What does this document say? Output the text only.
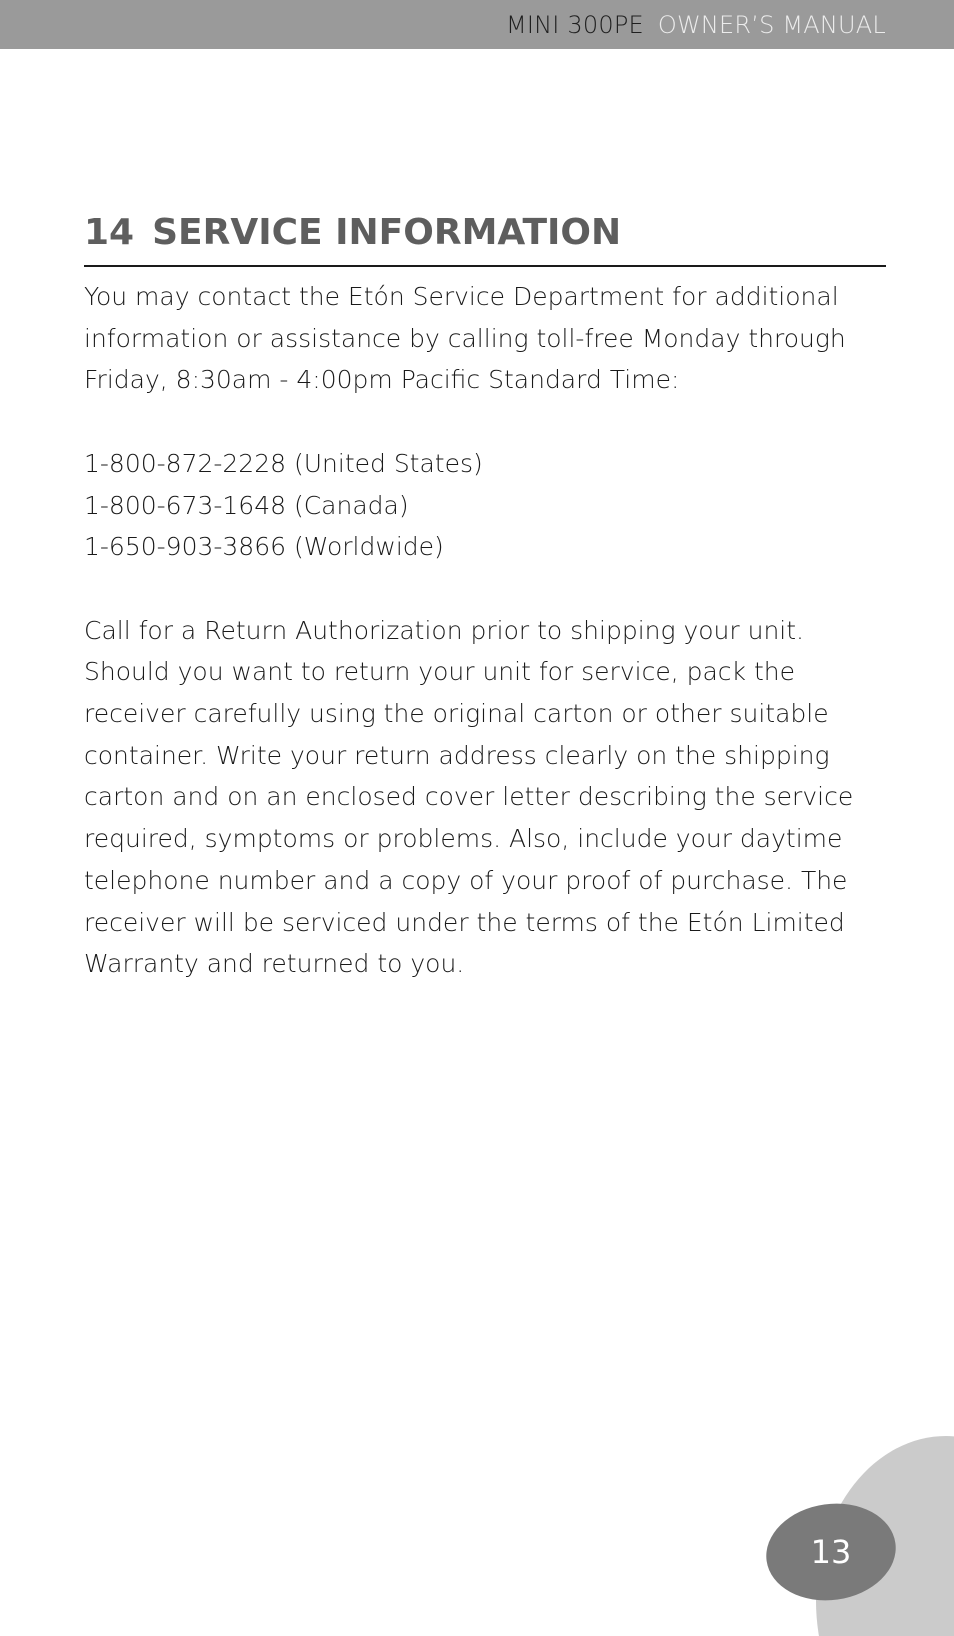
MINI 300PE OWNER’S MANUAL
14 SERVICE INFORMATION

You may contact the Etón Service Department for additional information or assistance by calling toll-free Monday through Friday, 8:30am - 4:00pm Pacific Standard Time:

1-800-872-2228 (United States)
1-800-673-1648 (Canada)
1-650-903-3866 (Worldwide)

Call for a Return Authorization prior to shipping your unit. Should you want to return your unit for service, pack the receiver carefully using the original carton or other suitable container. Write your return address clearly on the shipping carton and on an enclosed cover letter describing the service required, symptoms or problems. Also, include your daytime telephone number and a copy of your proof of purchase. The receiver will be serviced under the terms of the Etón Limited Warranty and returned to you.

13
